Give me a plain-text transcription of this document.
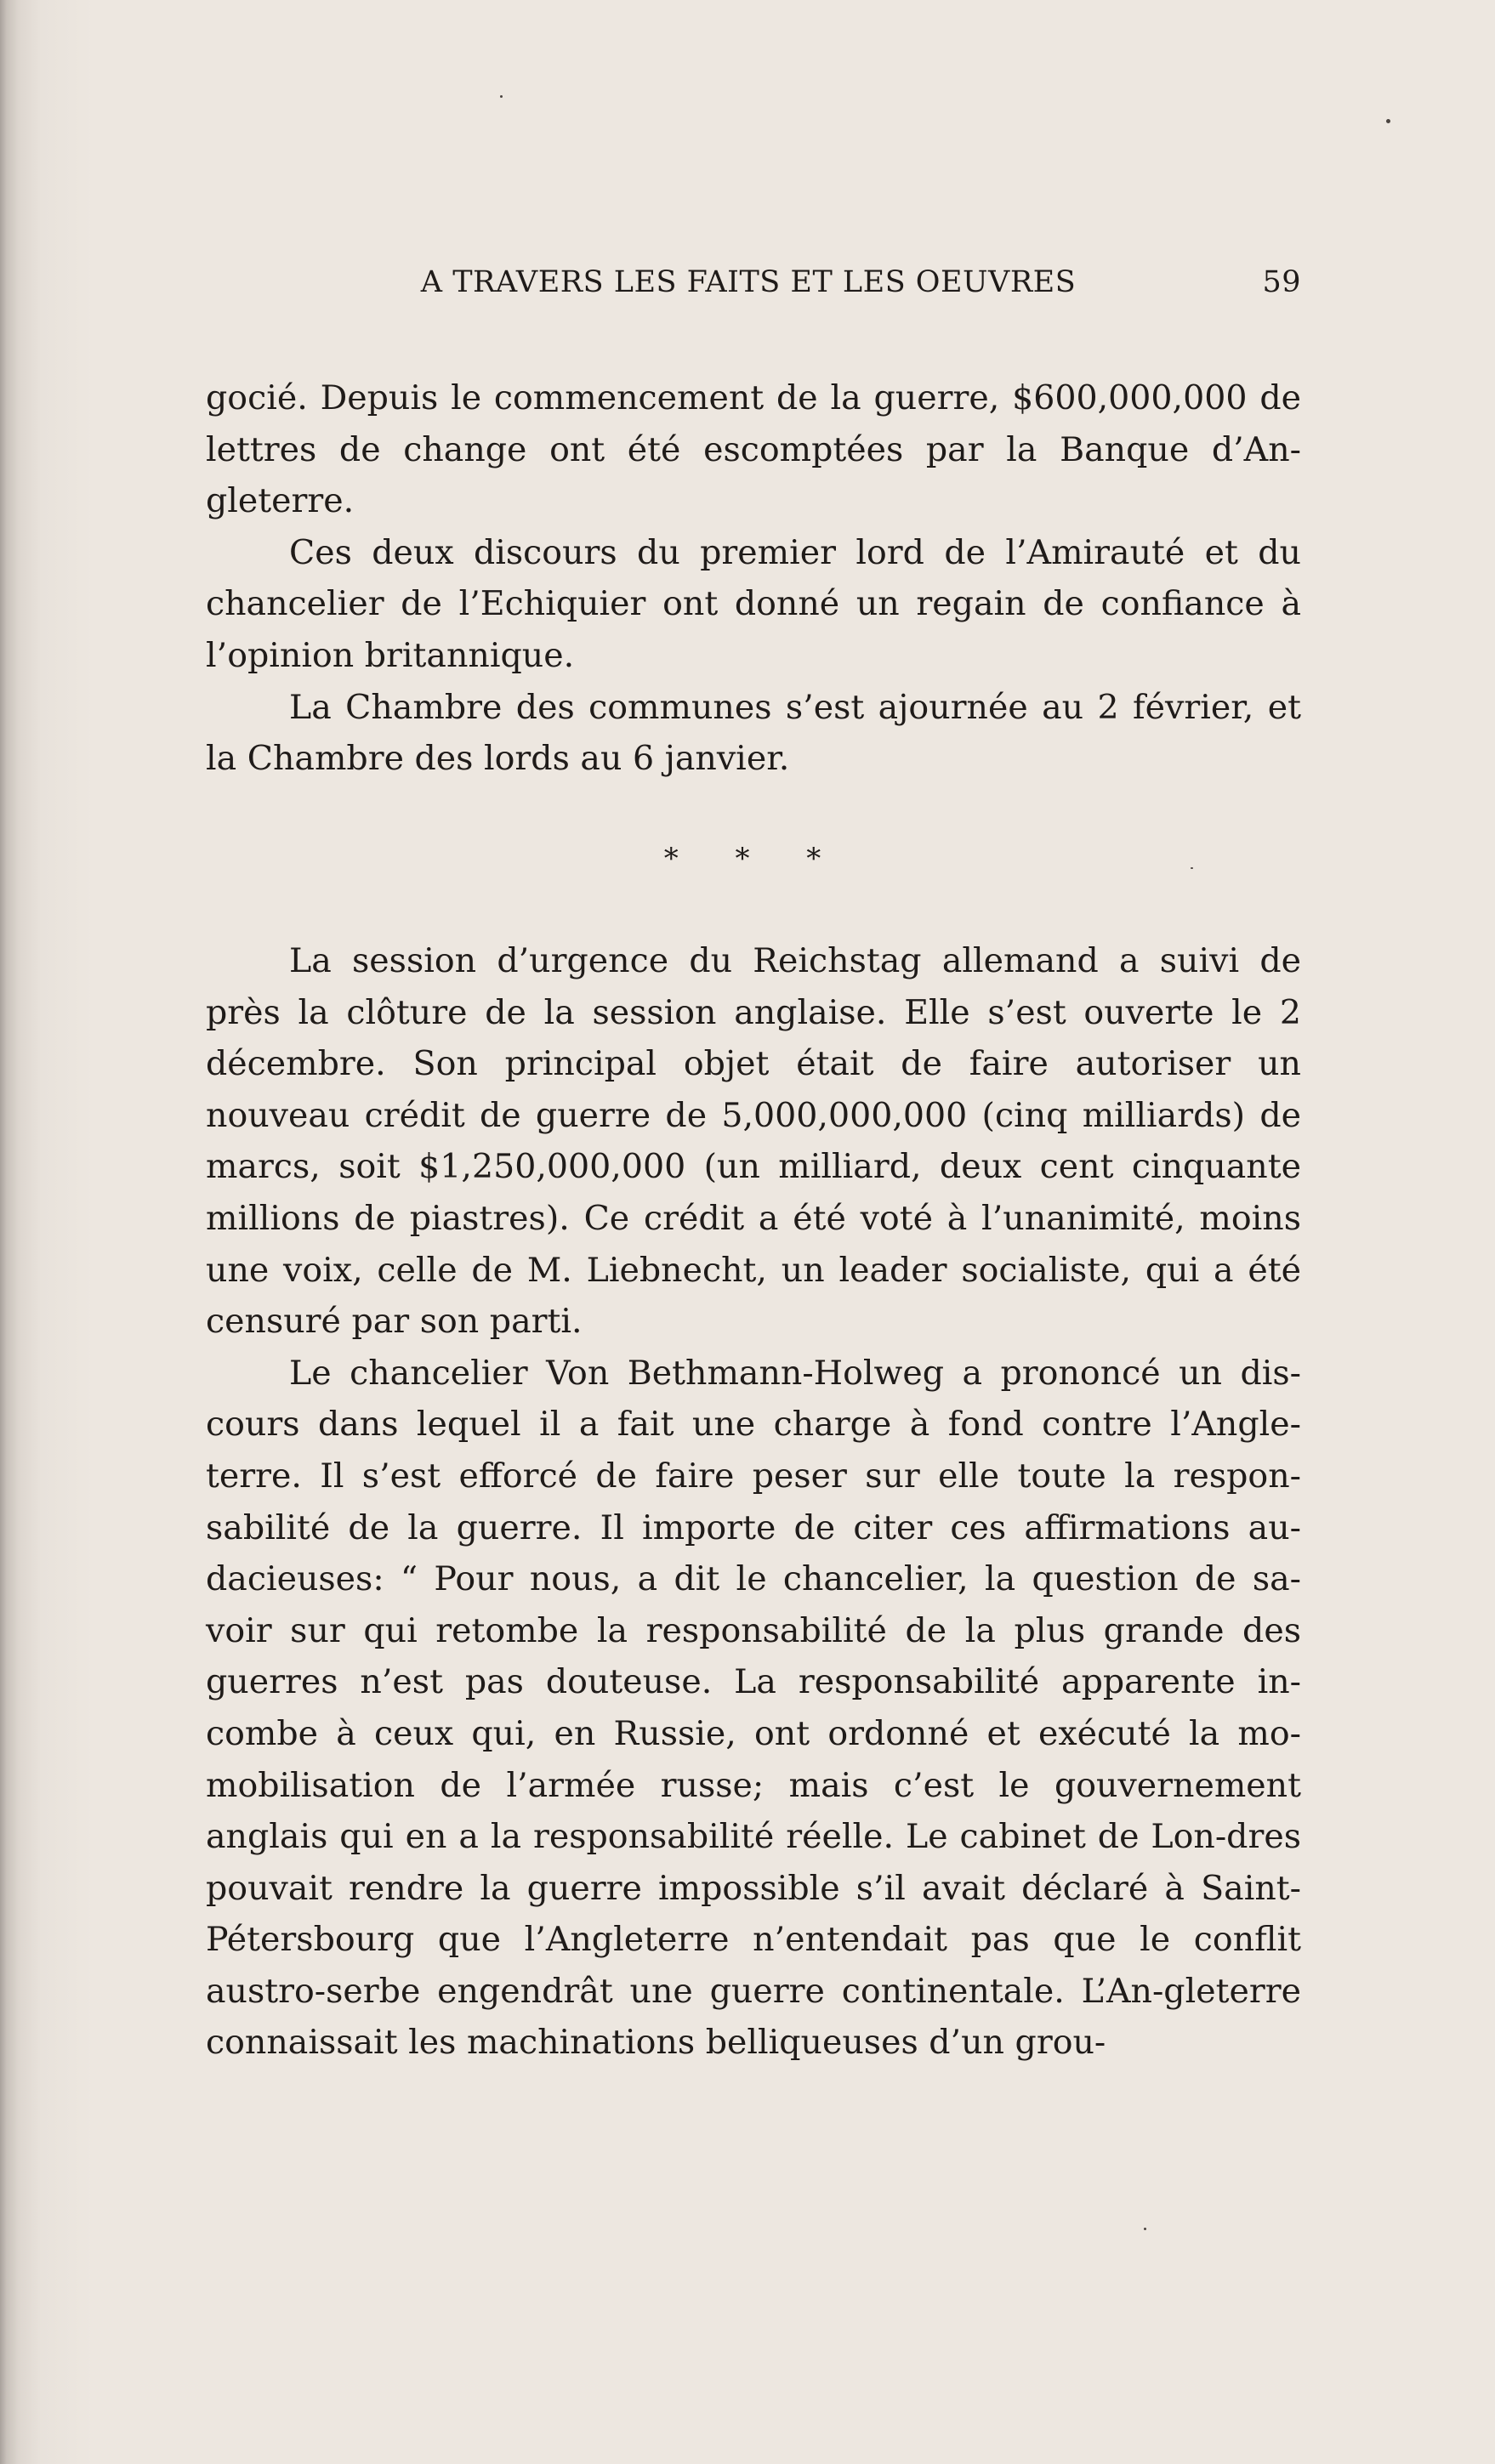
A TRAVERS LES FAITS ET LES OEUVRES	59

gocié. Depuis le commencement de la guerre, $600,000,000 de lettres de change ont été escomptées par la Banque d’An-gleterre.

Ces deux discours du premier lord de l’Amirauté et du chancelier de l’Echiquier ont donné un regain de confiance à l’opinion britannique.

La Chambre des communes s’est ajournée au 2 février, et la Chambre des lords au 6 janvier.

* * *

La session d’urgence du Reichstag allemand a suivi de près la clôture de la session anglaise. Elle s’est ouverte le 2 décembre. Son principal objet était de faire autoriser un nouveau crédit de guerre de 5,000,000,000 (cinq milliards) de marcs, soit $1,250,000,000 (un milliard, deux cent cinquante millions de piastres). Ce crédit a été voté à l’unanimité, moins une voix, celle de M. Liebnecht, un leader socialiste, qui a été censuré par son parti.

Le chancelier Von Bethmann-Holweg a prononcé un dis-cours dans lequel il a fait une charge à fond contre l’Angle-terre. Il s’est efforcé de faire peser sur elle toute la respon-sabilité de la guerre. Il importe de citer ces affirmations au-dacieuses: “ Pour nous, a dit le chancelier, la question de sa-voir sur qui retombe la responsabilité de la plus grande des guerres n’est pas douteuse. La responsabilité apparente in-combe à ceux qui, en Russie, ont ordonné et exécuté la mo-mobilisation de l’armée russe; mais c’est le gouvernement anglais qui en a la responsabilité réelle. Le cabinet de Lon-dres pouvait rendre la guerre impossible s’il avait déclaré à Saint-Pétersbourg que l’Angleterre n’entendait pas que le conflit austro-serbe engendrât une guerre continentale. L’An-gleterre connaissait les machinations belliqueuses d’un grou-
